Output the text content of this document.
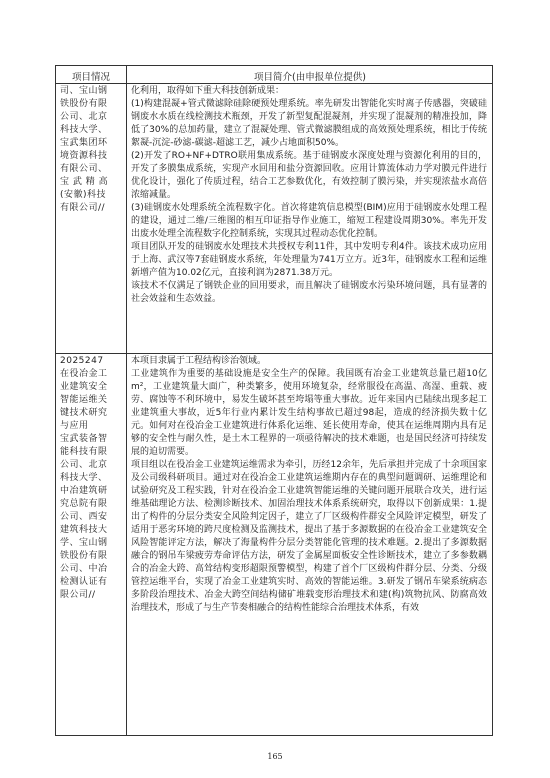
项目情况	项目简介(由申报单位提供)
司、宝山钢
铁股份有限
公司、北京
科技大学、
宝武集团环
境资源科技
有限公司、
宝 武 精 高
(安徽)科技
有限公司//
化利用，取得如下重大科技创新成果：
(1)构建混凝+管式微滤除硅除硬预处理系统。率先研发出智能化实时离子传感器，突破硅钢废水水质在线检测技术瓶颈，开发了新型复配混凝剂，并实现了混凝剂的精准投加，降低了30%的总加药量，建立了混凝处理、管式微滤膜组成的高效预处理系统，相比于传统絮凝-沉淀-砂滤-碳滤-超滤工艺，减少占地面积50%。
(2)开发了RO+NF+DTRO联用集成系统。基于硅钢废水深度处理与资源化利用的目的，开发了多膜集成系统，实现产水回用和盐分资源回收。应用计算流体动力学对膜元件进行优化设计，强化了传质过程，结合工艺参数优化，有效控制了膜污染，并实现浓盐水高倍浓缩减量。
(3)硅钢废水处理系统全流程数字化。首次将建筑信息模型(BIM)应用于硅钢废水处理工程的建设，通过二维/三维图的相互印证指导作业施工，缩短工程建设周期30%。率先开发出废水处理全流程数字化控制系统，实现其过程动态优化控制。
项目团队开发的硅钢废水处理技术共授权专利11件，其中发明专利4件。该技术成功应用于上海、武汉等7套硅钢废水系统，年处理量为741万立方。近3年，硅钢废水工程和运维新增产值为10.02亿元，直接利润为2871.38万元。
该技术不仅满足了钢铁企业的回用要求，而且解决了硅钢废水污染环境问题，具有显著的社会效益和生态效益。
2025247
在役冶金工
业建筑安全
智能运维关
键技术研究
与应用
宝武装备智
能科技有限
公司、北京
科技大学、
中冶建筑研
究总院有限
公司、西安
建筑科技大
学、宝山钢
铁股份有限
公司、中冶
检测认证有
限公司//
本项目隶属于工程结构诊治领域。
工业建筑作为重要的基础设施是安全生产的保障。我国既有冶金工业建筑总量已超10亿m²，工业建筑量大面广，种类繁多，使用环境复杂，经常服役在高温、高湿、重载、疲劳、腐蚀等不利环境中，易发生破坏甚至垮塌等重大事故。近年来国内已陆续出现多起工业建筑重大事故，近5年行业内累计发生结构事故已超过98起，造成的经济损失数十亿元。如何对在役冶金工业建筑进行体系化运维、延长使用寿命，使其在运维周期内具有足够的安全性与耐久性，是土木工程界的一项亟待解决的技术难题，也是国民经济可持续发展的迫切需要。
项目组以在役冶金工业建筑运维需求为牵引，历经12余年，先后承担并完成了十余项国家及公司级科研项目。通过对在役冶金工业建筑运维期内存在的典型问题调研、运维理论和试验研究及工程实践，针对在役冶金工业建筑智能运维的关键问题开展联合攻关，进行运维基础理论方法、检测诊断技术、加固治理技术体系系统研究，取得以下创新成果：1.提出了构件的分层分类安全风险判定因子，建立了厂区级构件群安全风险评定模型，研发了适用于恶劣环境的跨尺度检测及监测技术，提出了基于多源数据的在役冶金工业建筑安全风险智能评定方法，解决了海量构件分层分类智能化管理的技术难题。2.提出了多源数据融合的钢吊车梁疲劳寿命评估方法，研发了金属屋面板安全性诊断技术，建立了多参数耦合的冶金大跨、高耸结构变形超限预警模型，构建了首个厂区级构件群分层、分类、分级管控运维平台，实现了冶金工业建筑实时、高效的智能运维。3.研发了钢吊车梁系统病态多阶段治理技术、冶金大跨空间结构储矿堆载变形治理技术和建(构)筑物抗风、防腐高效治理技术，形成了与生产节奏相融合的结构性能综合治理技术体系，有效
165
